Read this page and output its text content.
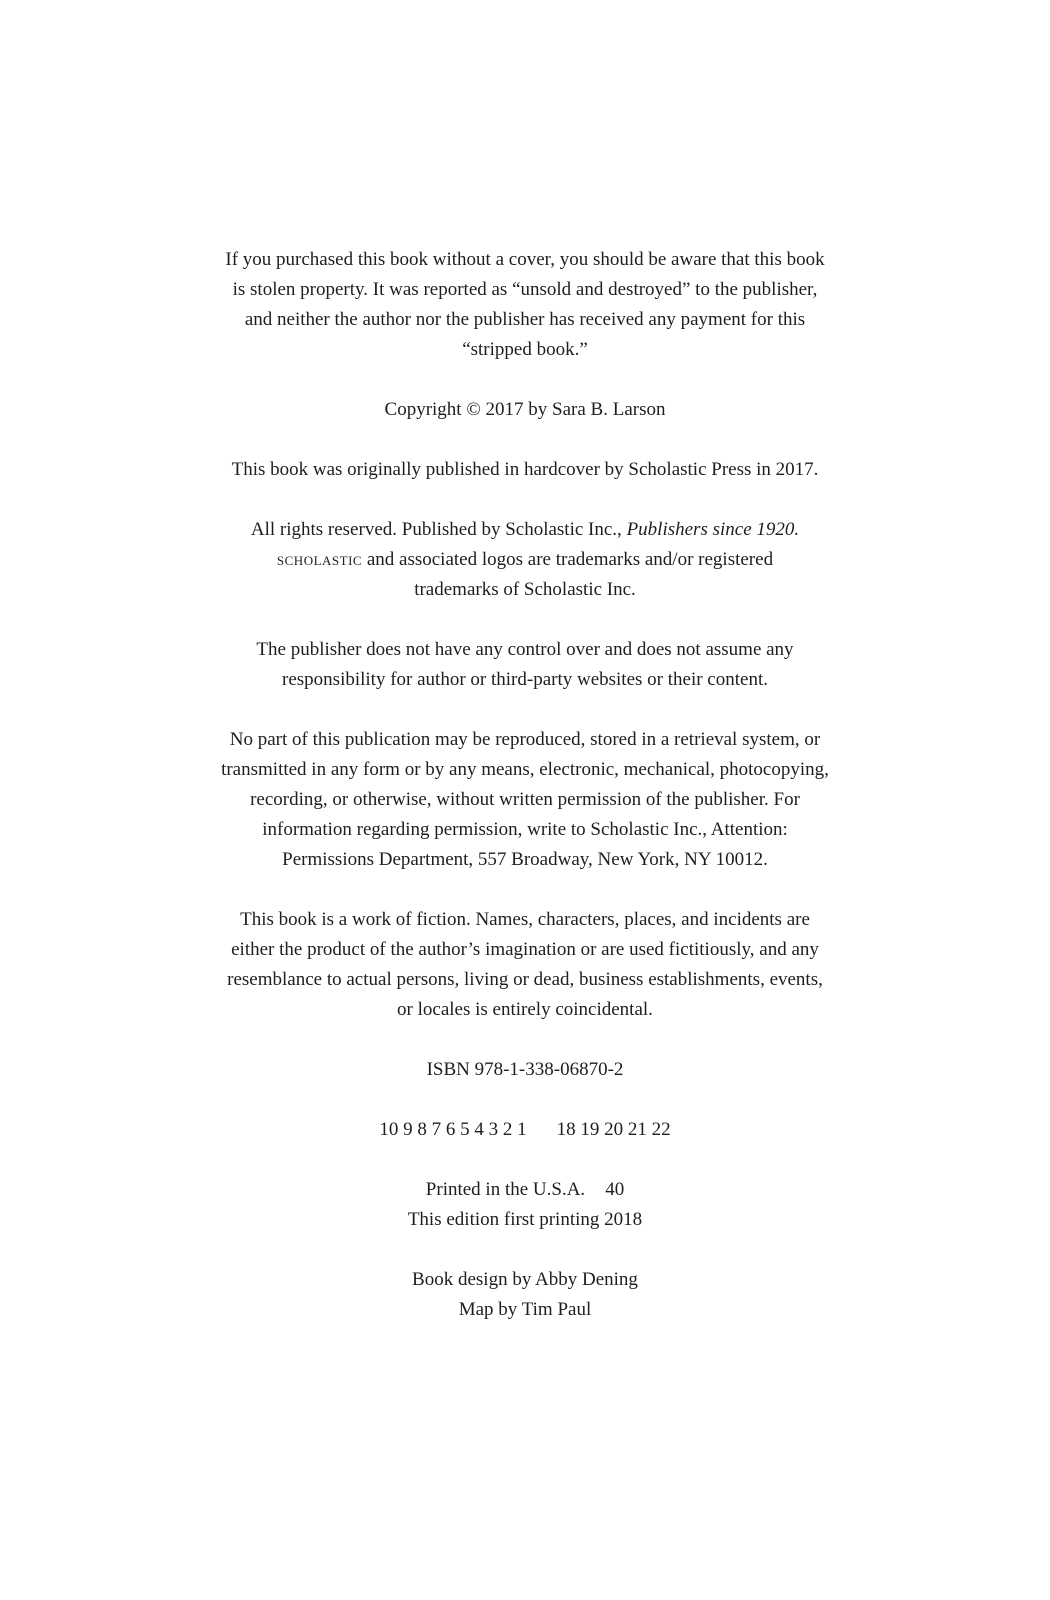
If you purchased this book without a cover, you should be aware that this book
is stolen property. It was reported as “unsold and destroyed” to the publisher,
and neither the author nor the publisher has received any payment for this
“stripped book.”

Copyright © 2017 by Sara B. Larson

This book was originally published in hardcover by Scholastic Press in 2017.

All rights reserved. Published by Scholastic Inc., Publishers since 1920.
scholastic and associated logos are trademarks and/or registered
trademarks of Scholastic Inc.

The publisher does not have any control over and does not assume any
responsibility for author or third-party websites or their content.

No part of this publication may be reproduced, stored in a retrieval system, or
transmitted in any form or by any means, electronic, mechanical, photocopying,
recording, or otherwise, without written permission of the publisher. For
information regarding permission, write to Scholastic Inc., Attention:
Permissions Department, 557 Broadway, New York, NY 10012.

This book is a work of fiction. Names, characters, places, and incidents are
either the product of the author’s imagination or are used fictitiously, and any
resemblance to actual persons, living or dead, business establishments, events,
or locales is entirely coincidental.

ISBN 978-1-338-06870-2

10 9 8 7 6 5 4 3 2 1 18 19 20 21 22

Printed in the U.S.A. 40
This edition first printing 2018

Book design by Abby Dening
Map by Tim Paul
